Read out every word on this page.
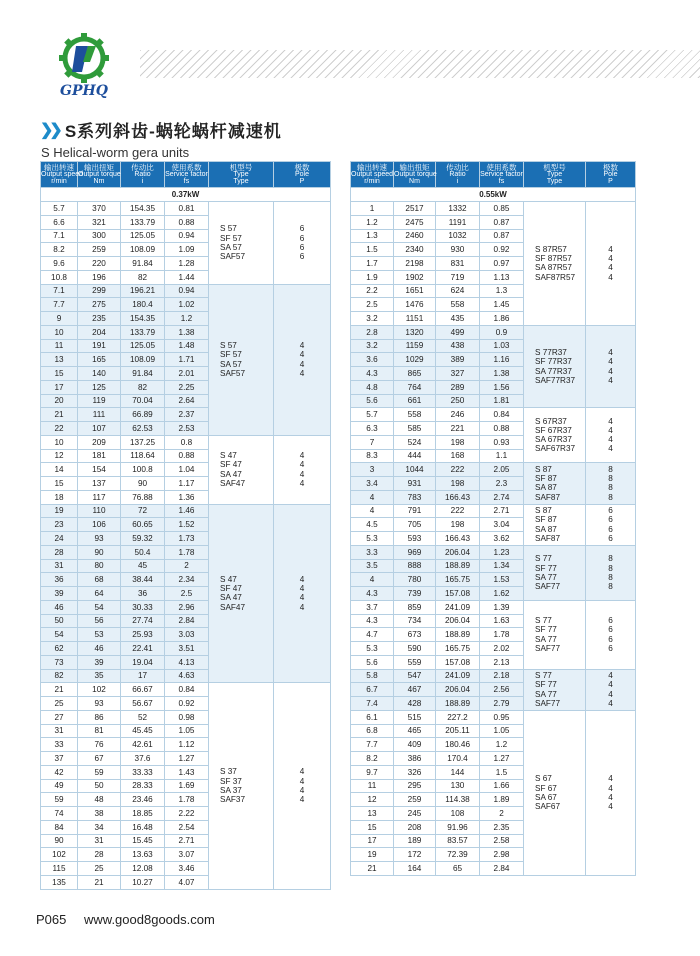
GPHQ
❯❯ S系列斜齿-蜗轮蜗杆减速机
S Helical-worm gera units
输出转速
Output speed
r/min	输出扭矩
Output torque
Nm	传动比
Ratio
i	使用系数
Service factor
fs	机型号
Type
Type	极数
Pole
P
0.37kW					
5.7	370	154.35	0.81	S 57
SF 57
SA 57
SAF57	6
6
6
6
6.6	321	133.79	0.88		
7.1	300	125.05	0.94		
8.2	259	108.09	1.09		
9.6	220	91.84	1.28		
10.8	196	82	1.44		
7.1	299	196.21	0.94	S 57
SF 57
SA 57
SAF57	4
4
4
4
7.7	275	180.4	1.02		
9	235	154.35	1.2		
10	204	133.79	1.38		
11	191	125.05	1.48		
13	165	108.09	1.71		
15	140	91.84	2.01		
17	125	82	2.25		
20	119	70.04	2.64		
21	111	66.89	2.37		
22	107	62.53	2.53		
10	209	137.25	0.8	S 47
SF 47
SA 47
SAF47	4
4
4
4
12	181	118.64	0.88		
14	154	100.8	1.04		
15	137	90	1.17		
18	117	76.88	1.36		
19	110	72	1.46	S 47
SF 47
SA 47
SAF47	4
4
4
4
23	106	60.65	1.52		
24	93	59.32	1.73		
28	90	50.4	1.78		
31	80	45	2		
36	68	38.44	2.34		
39	64	36	2.5		
46	54	30.33	2.96		
50	56	27.74	2.84		
54	53	25.93	3.03		
62	46	22.41	3.51		
73	39	19.04	4.13		
82	35	17	4.63		
21	102	66.67	0.84	S 37
SF 37
SA 37
SAF37	4
4
4
4
25	93	56.67	0.92		
27	86	52	0.98		
31	81	45.45	1.05		
33	76	42.61	1.12		
37	67	37.6	1.27		
42	59	33.33	1.43		
49	50	28.33	1.69		
59	48	23.46	1.78		
74	38	18.85	2.22		
84	34	16.48	2.54		
90	31	15.45	2.71		
102	28	13.63	3.07		
115	25	12.08	3.46		
135	21	10.27	4.07		
输出转速
Output speed
r/min	输出扭矩
Output torque
Nm	传动比
Ratio
i	使用系数
Service factor
fs	机型号
Type
Type	极数
Pole
P
0.55kW					
1	2517	1332	0.85	S 87R57
SF 87R57
SA 87R57
SAF87R57	4
4
4
4
1.2	2475	1191	0.87		
1.3	2460	1032	0.87		
1.5	2340	930	0.92		
1.7	2198	831	0.97		
1.9	1902	719	1.13		
2.2	1651	624	1.3		
2.5	1476	558	1.45		
3.2	1151	435	1.86		
2.8	1320	499	0.9	S 77R37
SF 77R37
SA 77R37
SAF77R37	4
4
4
4
3.2	1159	438	1.03		
3.6	1029	389	1.16		
4.3	865	327	1.38		
4.8	764	289	1.56		
5.6	661	250	1.81		
5.7	558	246	0.84	S 67R37
SF 67R37
SA 67R37
SAF67R37	4
4
4
4
6.3	585	221	0.88		
7	524	198	0.93		
8.3	444	168	1.1		
3	1044	222	2.05	S 87
SF 87
SA 87
SAF87	8
8
8
8
3.4	931	198	2.3		
4	783	166.43	2.74		
4	791	222	2.71	S 87
SF 87
SA 87
SAF87	6
6
6
6
4.5	705	198	3.04		
5.3	593	166.43	3.62		
3.3	969	206.04	1.23	S 77
SF 77
SA 77
SAF77	8
8
8
8
3.5	888	188.89	1.34		
4	780	165.75	1.53		
4.3	739	157.08	1.62		
3.7	859	241.09	1.39	S 77
SF 77
SA 77
SAF77	6
6
6
6
4.3	734	206.04	1.63		
4.7	673	188.89	1.78		
5.3	590	165.75	2.02		
5.6	559	157.08	2.13		
5.8	547	241.09	2.18	S 77
SF 77
SA 77
SAF77	4
4
4
4
6.7	467	206.04	2.56		
7.4	428	188.89	2.79		
6.1	515	227.2	0.95	S 67
SF 67
SA 67
SAF67	4
4
4
4
6.8	465	205.11	1.05		
7.7	409	180.46	1.2		
8.2	386	170.4	1.27		
9.7	326	144	1.5		
11	295	130	1.66		
12	259	114.38	1.89		
13	245	108	2		
15	208	91.96	2.35		
17	189	83.57	2.58		
19	172	72.39	2.98		
21	164	65	2.84		
P065 www.good8goods.com
